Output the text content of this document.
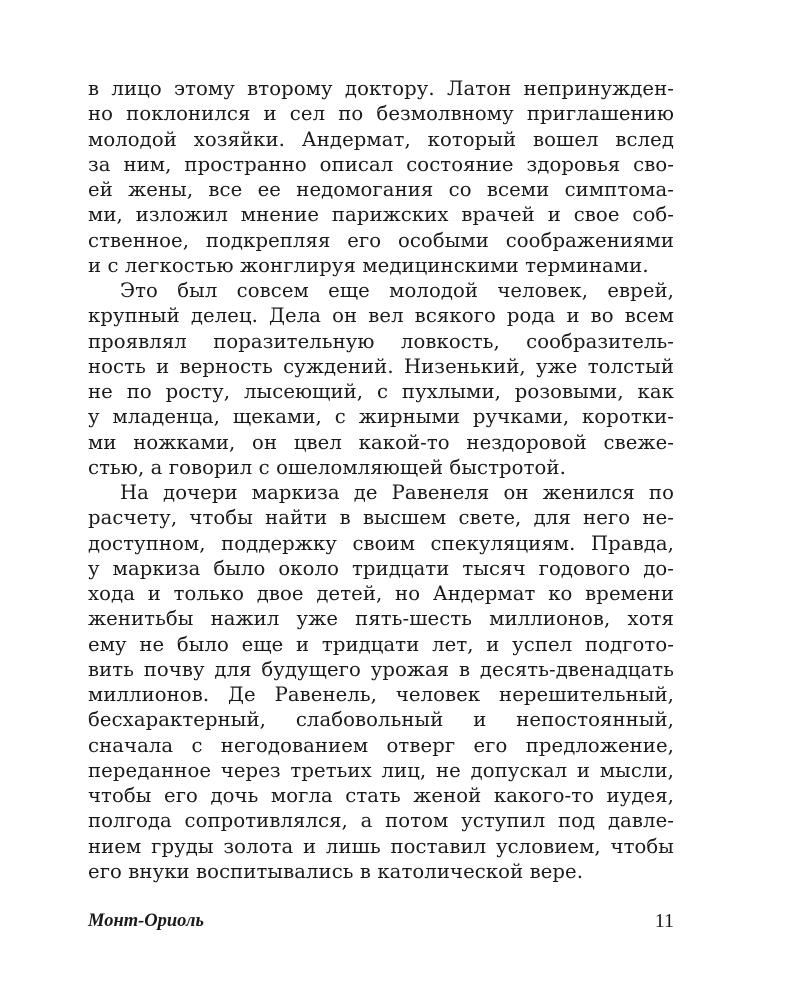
в лицо этому второму доктору. Латон непринужден-
но поклонился и сел по безмолвному приглашению
молодой хозяйки. Андермат, который вошел вслед
за ним, пространно описал состояние здоровья сво-
ей жены, все ее недомогания со всеми симптома-
ми, изложил мнение парижских врачей и свое соб-
ственное, подкрепляя его особыми соображениями
и с легкостью жонглируя медицинскими терминами.
Это был совсем еще молодой человек, еврей,
крупный делец. Дела он вел всякого рода и во всем
проявлял поразительную ловкость, сообразитель-
ность и верность суждений. Низенький, уже толстый
не по росту, лысеющий, с пухлыми, розовыми, как
у младенца, щеками, с жирными ручками, коротки-
ми ножками, он цвел какой-то нездоровой свеже-
стью, а говорил с ошеломляющей быстротой.
На дочери маркиза де Равенеля он женился по
расчету, чтобы найти в высшем свете, для него не-
доступном, поддержку своим спекуляциям. Правда,
у маркиза было около тридцати тысяч годового до-
хода и только двое детей, но Андермат ко времени
женитьбы нажил уже пять-шесть миллионов, хотя
ему не было еще и тридцати лет, и успел подгото-
вить почву для будущего урожая в десять-двенадцать
миллионов. Де Равенель, человек нерешительный,
бесхарактерный, слабовольный и непостоянный,
сначала с негодованием отверг его предложение,
переданное через третьих лиц, не допускал и мысли,
чтобы его дочь могла стать женой какого-то иудея,
полгода сопротивлялся, а потом уступил под давле-
нием груды золота и лишь поставил условием, чтобы
его внуки воспитывались в католической вере.
Монт-Ориоль	11
